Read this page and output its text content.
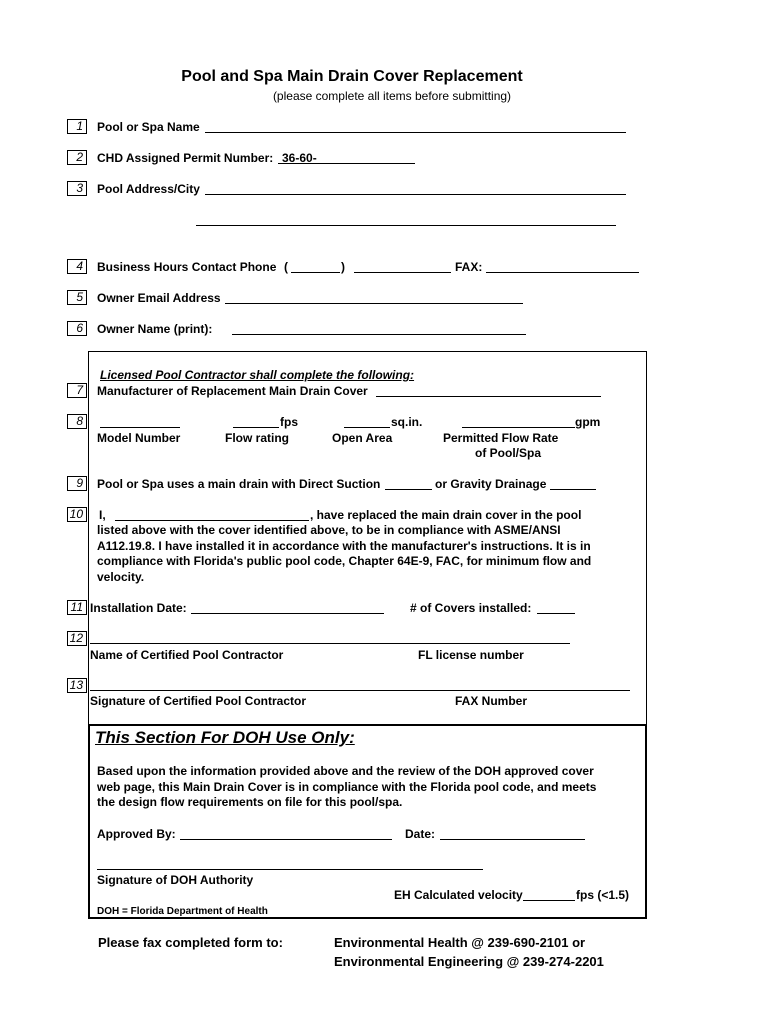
Pool and Spa Main Drain Cover Replacement
(please complete all items before submitting)
1	Pool or Spa Name
2	CHD Assigned Permit Number: 36-60-
3	Pool Address/City
4	Business Hours Contact Phone (	)	FAX:
5	Owner Email Address
6	Owner Name (print):
Licensed Pool Contractor shall complete the following:
7	Manufacturer of Replacement Main Drain Cover
8	fps	sq.in.	gpm
Model Number	Flow rating	Open Area	Permitted Flow Rate
of Pool/Spa
9	Pool or Spa uses a main drain with Direct Suction	or Gravity Drainage
10	I,	, have replaced the main drain cover in the pool
listed above with the cover identified above, to be in compliance with ASME/ANSI A112.19.8. I have installed it in accordance with the manufacturer's instructions. It is in compliance with Florida's public pool code, Chapter 64E-9, FAC, for minimum flow and velocity.
11 Installation Date:	# of Covers installed:
12
Name of Certified Pool Contractor	FL license number
13
Signature of Certified Pool Contractor	FAX Number
This Section For DOH Use Only:
Based upon the information provided above and the review of the DOH approved cover web page, this Main Drain Cover is in compliance with the Florida pool code, and meets the design flow requirements on file for this pool/spa.
Approved By:	Date:
Signature of DOH Authority
EH Calculated velocity	fps (<1.5)
DOH = Florida Department of Health
Please fax completed form to:	Environmental Health @ 239-690-2101 or
Environmental Engineering @ 239-274-2201
